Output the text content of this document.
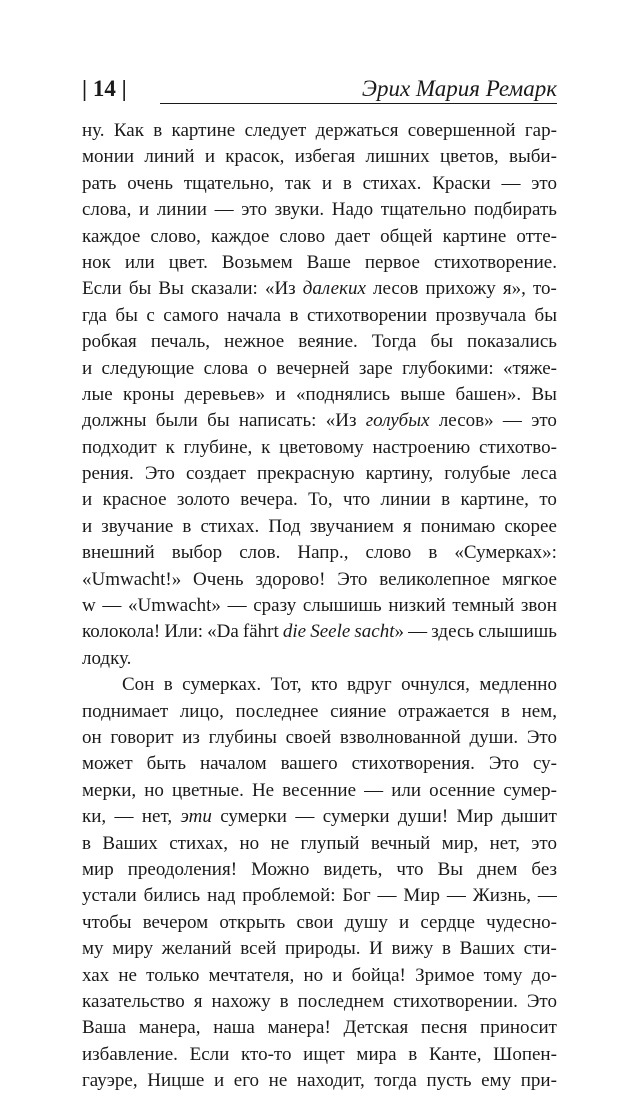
| 14 |	Эрих Мария Ремарк
ну. Как в картине следует держаться совершенной гар-
монии линий и красок, избегая лишних цветов, выби-
рать очень тщательно, так и в стихах. Краски — это
слова, и линии — это звуки. Надо тщательно подбирать
каждое слово, каждое слово дает общей картине отте-
нок или цвет. Возьмем Ваше первое стихотворение.
Если бы Вы сказали: «Из далеких лесов прихожу я», то-
гда бы с самого начала в стихотворении прозвучала бы
робкая печаль, нежное веяние. Тогда бы показались
и следующие слова о вечерней заре глубокими: «тяже-
лые кроны деревьев» и «поднялись выше башен». Вы
должны были бы написать: «Из голубых лесов» — это
подходит к глубине, к цветовому настроению стихотво-
рения. Это создает прекрасную картину, голубые леса
и красное золото вечера. То, что линии в картине, то
и звучание в стихах. Под звучанием я понимаю скорее
внешний выбор слов. Напр., слово в «Сумерках»:
«Umwacht!» Очень здорово! Это великолепное мягкое
w — «Umwacht» — сразу слышишь низкий темный звон
колокола! Или: «Da fährt die Seele sacht» — здесь слышишь
лодку.
Сон в сумерках. Тот, кто вдруг очнулся, медленно
поднимает лицо, последнее сияние отражается в нем,
он говорит из глубины своей взволнованной души. Это
может быть началом вашего стихотворения. Это су-
мерки, но цветные. Не весенние — или осенние сумер-
ки, — нет, эти сумерки — сумерки души! Мир дышит
в Ваших стихах, но не глупый вечный мир, нет, это
мир преодоления! Можно видеть, что Вы днем без
устали бились над проблемой: Бог — Мир — Жизнь, —
чтобы вечером открыть свои душу и сердце чудесно-
му миру желаний всей природы. И вижу в Ваших сти-
хах не только мечтателя, но и бойца! Зримое тому до-
казательство я нахожу в последнем стихотворении. Это
Ваша манера, наша манера! Детская песня приносит
избавление. Если кто-то ищет мира в Канте, Шопен-
гауэре, Ницше и его не находит, тогда пусть ему при-
